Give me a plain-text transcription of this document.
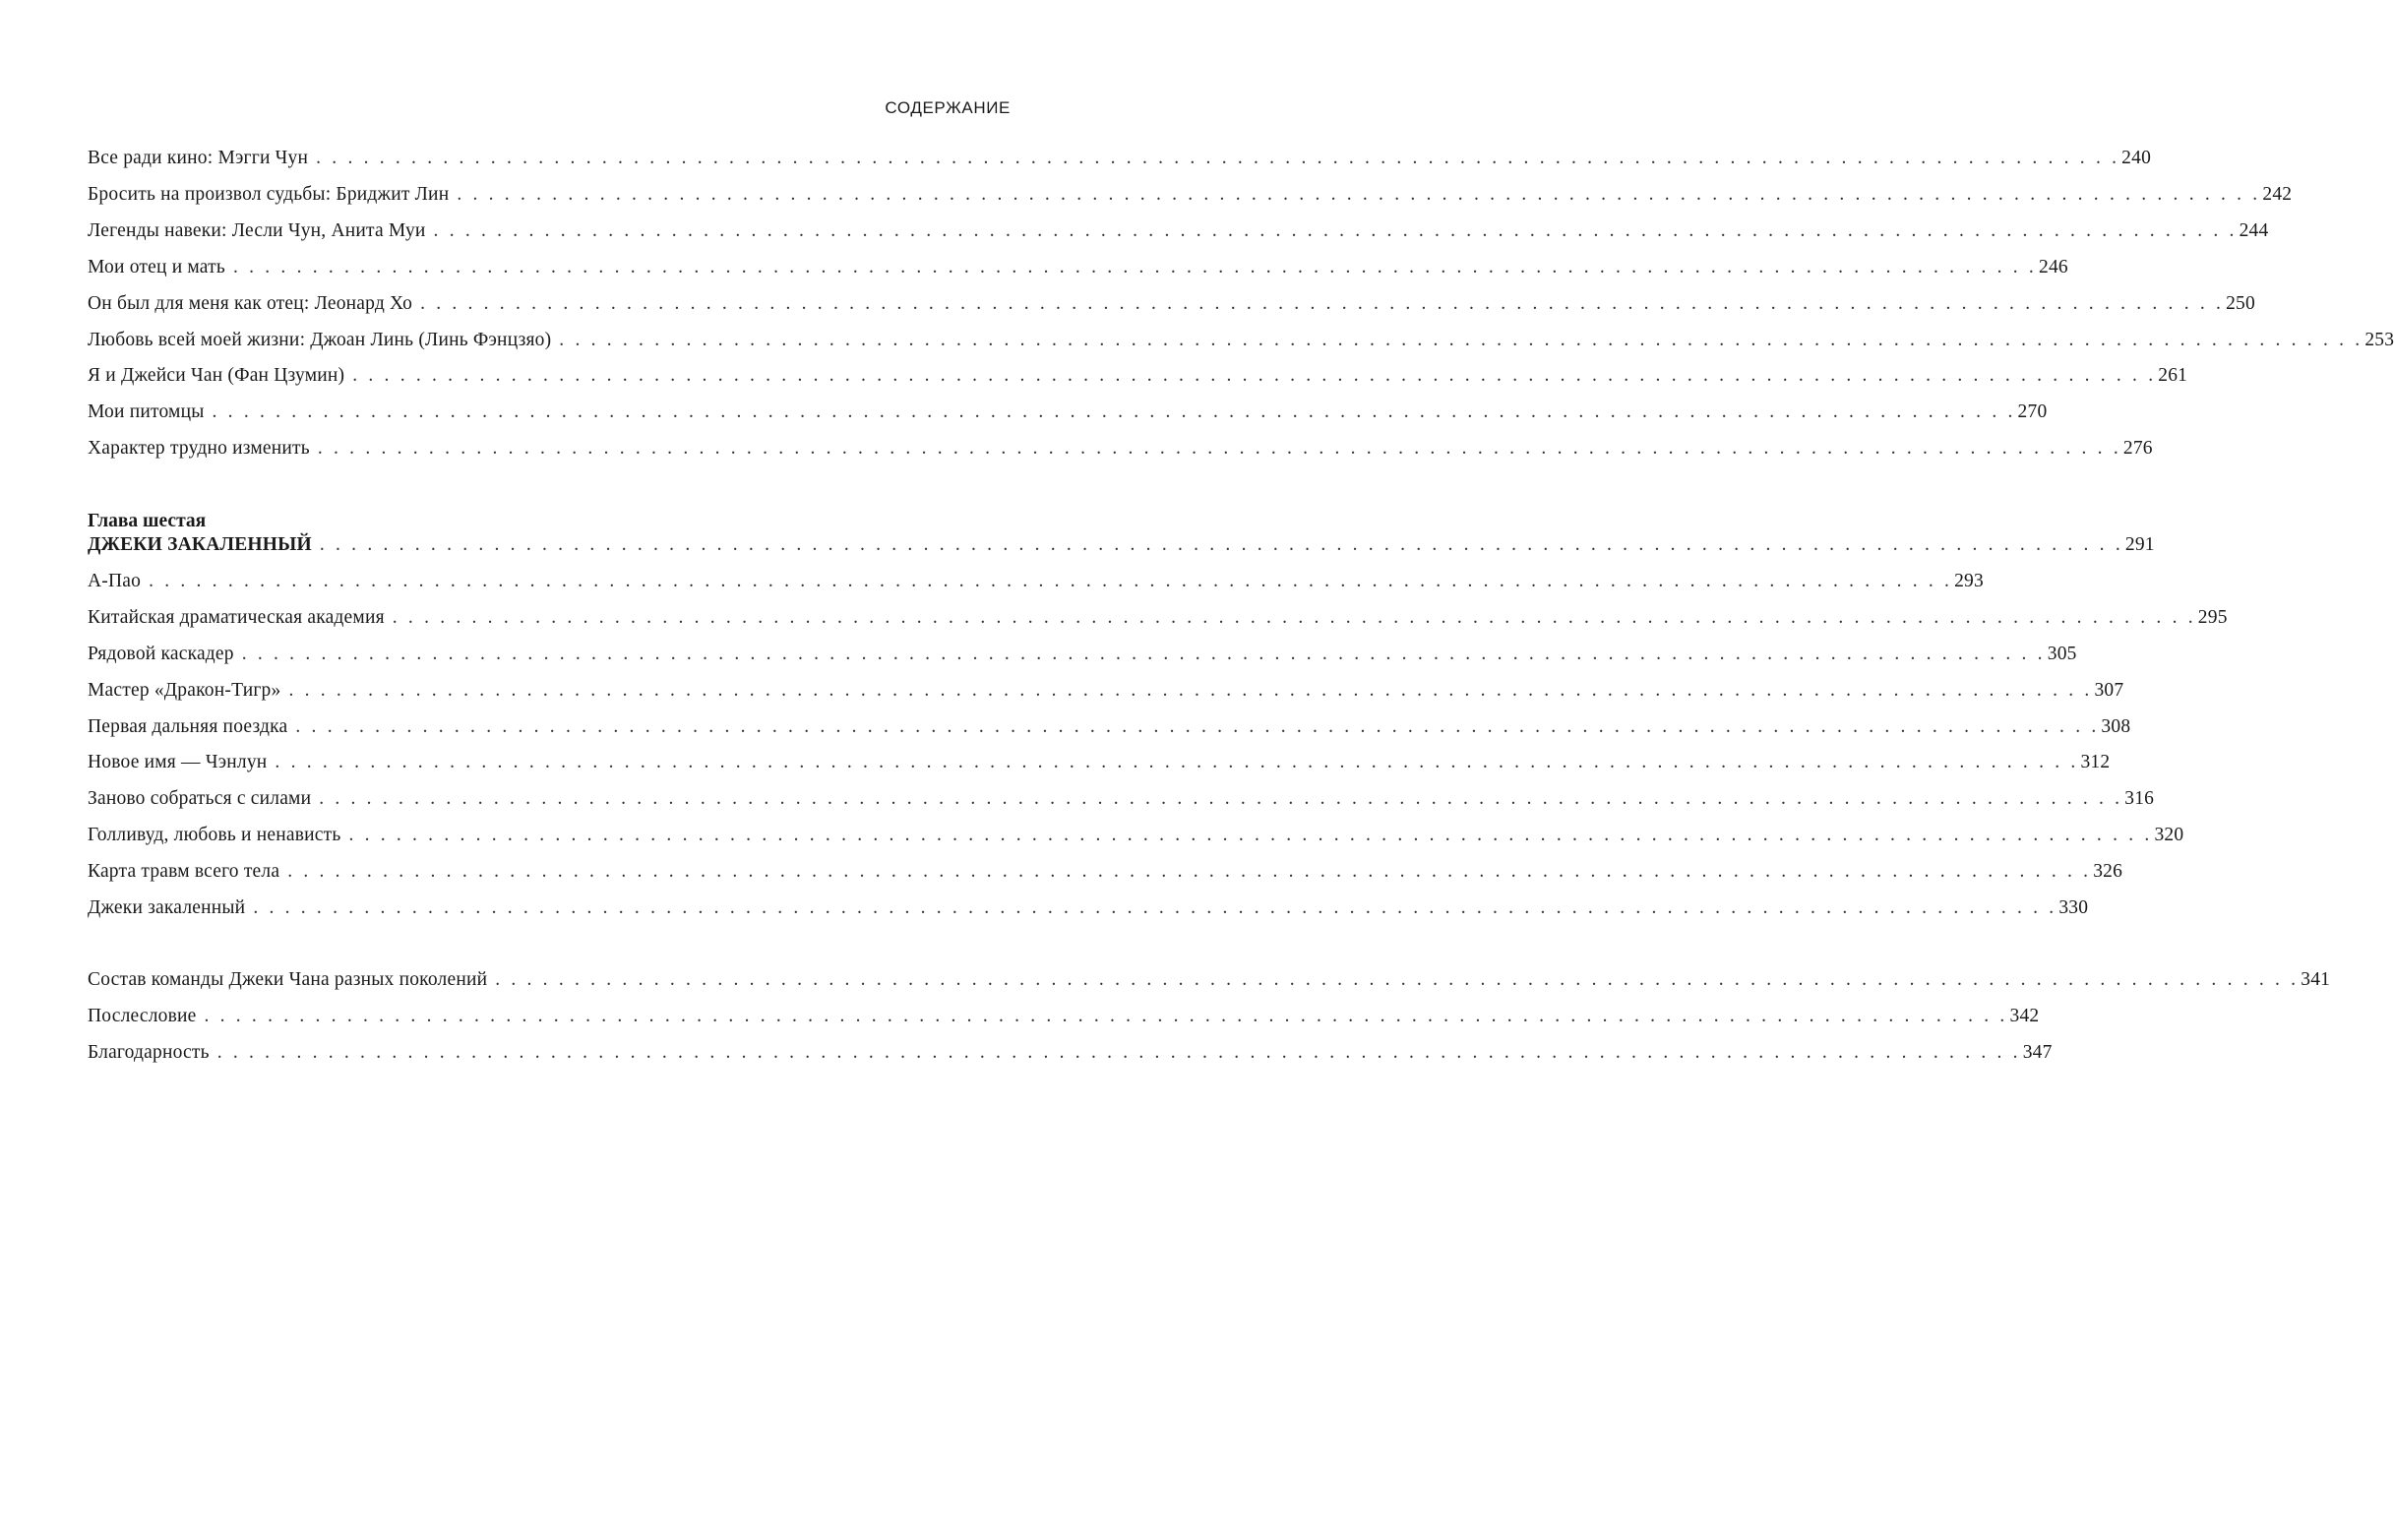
СОДЕРЖАНИЕ
Все ради кино: Мэгги Чун . . . . . . . . . . . . . . . . . . . . . . . . . . . . . . . . . . . . . . . . . . . . . . . . . . . . . . . . . . . . . . . . . . . . . . . . . . . . . . . . . . . . . . . . . . . . . . . . . . . . . . . . . . . . . . . . . . 240
Бросить на произвол судьбы: Бриджит Лин . . . . . . . . . . . . . . . . . . . . . . . . . . . . . . . . . . . . . . . . . . . . . . . . . . . . . . . . . . . . . . . . . . . . . . . . . . . . . . . . . . . . . . . . . . . . . . . . . . . . . . . . . . . . . . . . . . 242
Легенды навеки: Лесли Чун, Анита Муи . . . . . . . . . . . . . . . . . . . . . . . . . . . . . . . . . . . . . . . . . . . . . . . . . . . . . . . . . . . . . . . . . . . . . . . . . . . . . . . . . . . . . . . . . . . . . . . . . . . . . . . . . . . . . . . . . . 244
Мои отец и мать . . . . . . . . . . . . . . . . . . . . . . . . . . . . . . . . . . . . . . . . . . . . . . . . . . . . . . . . . . . . . . . . . . . . . . . . . . . . . . . . . . . . . . . . . . . . . . . . . . . . . . . . . . . . . . . . . . 246
Он был для меня как отец: Леонард Хо . . . . . . . . . . . . . . . . . . . . . . . . . . . . . . . . . . . . . . . . . . . . . . . . . . . . . . . . . . . . . . . . . . . . . . . . . . . . . . . . . . . . . . . . . . . . . . . . . . . . . . . . . . . . . . . . . . 250
Любовь всей моей жизни: Джоан Линь (Линь Фэнцзяо) . . . . . . . . . . . . . . . . . . . . . . . . . . . . . . . . . . . . . . . . . . . . . . . . . . . . . . . . . . . . . . . . . . . . . . . . . . . . . . . . . . . . . . . . . . . . . . . . . . . . . . . . . . . . . . . . . . 253
Я и Джейси Чан (Фан Цзумин) . . . . . . . . . . . . . . . . . . . . . . . . . . . . . . . . . . . . . . . . . . . . . . . . . . . . . . . . . . . . . . . . . . . . . . . . . . . . . . . . . . . . . . . . . . . . . . . . . . . . . . . . . . . . . . . . . . 261
Мои питомцы . . . . . . . . . . . . . . . . . . . . . . . . . . . . . . . . . . . . . . . . . . . . . . . . . . . . . . . . . . . . . . . . . . . . . . . . . . . . . . . . . . . . . . . . . . . . . . . . . . . . . . . . . . . . . . . . . . 270
Характер трудно изменить . . . . . . . . . . . . . . . . . . . . . . . . . . . . . . . . . . . . . . . . . . . . . . . . . . . . . . . . . . . . . . . . . . . . . . . . . . . . . . . . . . . . . . . . . . . . . . . . . . . . . . . . . . . . . . . . . . 276
Глава шестая
ДЖЕКИ ЗАКАЛЕННЫЙ . . . . . . . . . . . . . . . . . . . . . . . . . . . . . . . . . . . . . . . . . . . . . . . . . . . . . . . . . . . . . . . . . . . . . . . . . . . . . . . . . . . . . . . . . . . . . . . . . . . . . . . . . . . . . . . . . . 291
А-Пао . . . . . . . . . . . . . . . . . . . . . . . . . . . . . . . . . . . . . . . . . . . . . . . . . . . . . . . . . . . . . . . . . . . . . . . . . . . . . . . . . . . . . . . . . . . . . . . . . . . . . . . . . . . . . . . . . . 293
Китайская драматическая академия . . . . . . . . . . . . . . . . . . . . . . . . . . . . . . . . . . . . . . . . . . . . . . . . . . . . . . . . . . . . . . . . . . . . . . . . . . . . . . . . . . . . . . . . . . . . . . . . . . . . . . . . . . . . . . . . . . 295
Рядовой каскадер . . . . . . . . . . . . . . . . . . . . . . . . . . . . . . . . . . . . . . . . . . . . . . . . . . . . . . . . . . . . . . . . . . . . . . . . . . . . . . . . . . . . . . . . . . . . . . . . . . . . . . . . . . . . . . . . . . 305
Мастер «Дракон-Тигр» . . . . . . . . . . . . . . . . . . . . . . . . . . . . . . . . . . . . . . . . . . . . . . . . . . . . . . . . . . . . . . . . . . . . . . . . . . . . . . . . . . . . . . . . . . . . . . . . . . . . . . . . . . . . . . . . . . 307
Первая дальняя поездка . . . . . . . . . . . . . . . . . . . . . . . . . . . . . . . . . . . . . . . . . . . . . . . . . . . . . . . . . . . . . . . . . . . . . . . . . . . . . . . . . . . . . . . . . . . . . . . . . . . . . . . . . . . . . . . . . . 308
Новое имя — Чэнлун . . . . . . . . . . . . . . . . . . . . . . . . . . . . . . . . . . . . . . . . . . . . . . . . . . . . . . . . . . . . . . . . . . . . . . . . . . . . . . . . . . . . . . . . . . . . . . . . . . . . . . . . . . . . . . . . . . 312
Заново собраться с силами . . . . . . . . . . . . . . . . . . . . . . . . . . . . . . . . . . . . . . . . . . . . . . . . . . . . . . . . . . . . . . . . . . . . . . . . . . . . . . . . . . . . . . . . . . . . . . . . . . . . . . . . . . . . . . . . . . 316
Голливуд, любовь и ненависть . . . . . . . . . . . . . . . . . . . . . . . . . . . . . . . . . . . . . . . . . . . . . . . . . . . . . . . . . . . . . . . . . . . . . . . . . . . . . . . . . . . . . . . . . . . . . . . . . . . . . . . . . . . . . . . . . . 320
Карта травм всего тела . . . . . . . . . . . . . . . . . . . . . . . . . . . . . . . . . . . . . . . . . . . . . . . . . . . . . . . . . . . . . . . . . . . . . . . . . . . . . . . . . . . . . . . . . . . . . . . . . . . . . . . . . . . . . . . . . . 326
Джеки закаленный . . . . . . . . . . . . . . . . . . . . . . . . . . . . . . . . . . . . . . . . . . . . . . . . . . . . . . . . . . . . . . . . . . . . . . . . . . . . . . . . . . . . . . . . . . . . . . . . . . . . . . . . . . . . . . . . . . 330
Состав команды Джеки Чана разных поколений . . . . . . . . . . . . . . . . . . . . . . . . . . . . . . . . . . . . . . . . . . . . . . . . . . . . . . . . . . . . . . . . . . . . . . . . . . . . . . . . . . . . . . . . . . . . . . . . . . . . . . . . . . . . . . . . . . 341
Послесловие . . . . . . . . . . . . . . . . . . . . . . . . . . . . . . . . . . . . . . . . . . . . . . . . . . . . . . . . . . . . . . . . . . . . . . . . . . . . . . . . . . . . . . . . . . . . . . . . . . . . . . . . . . . . . . . . . . 342
Благодарность . . . . . . . . . . . . . . . . . . . . . . . . . . . . . . . . . . . . . . . . . . . . . . . . . . . . . . . . . . . . . . . . . . . . . . . . . . . . . . . . . . . . . . . . . . . . . . . . . . . . . . . . . . . . . . . . . . 347
